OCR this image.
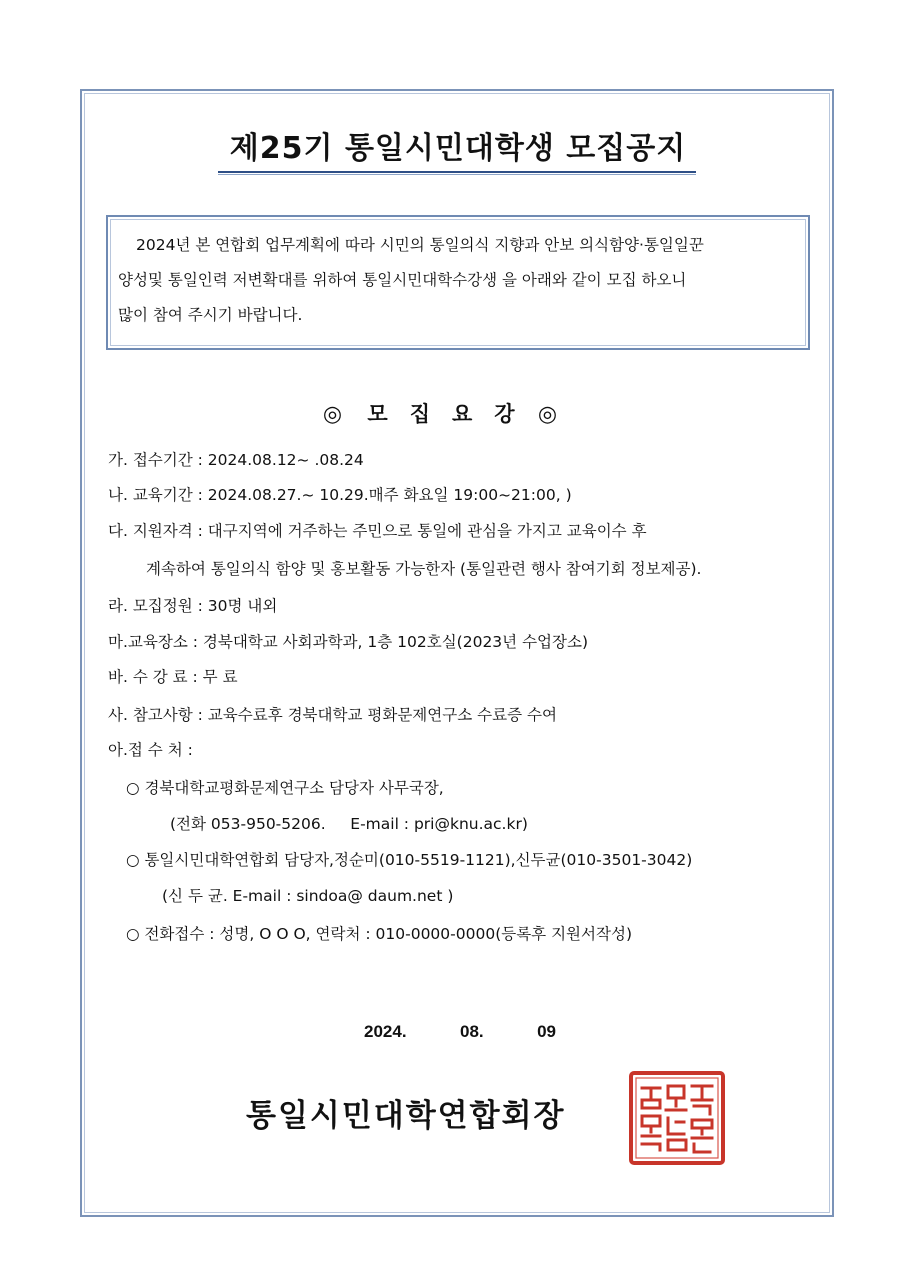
제25기 통일시민대학생 모집공지
2024년 본 연합회 업무계획에 따라 시민의 통일의식 지향과 안보 의식함양·통일일꾼
양성및 통일인력 저변확대를 위하여 통일시민대학수강생 을 아래와 같이 모집 하오니
많이 참여 주시기 바랍니다.
◎ 모집요강 ◎
가. 접수기간 : 2024.08.12~ .08.24
나. 교육기간 : 2024.08.27.~ 10.29.매주 화요일 19:00~21:00, )
다. 지원자격 : 대구지역에 거주하는 주민으로 통일에 관심을 가지고 교육이수 후
계속하여 통일의식 함양 및 홍보활동 가능한자 (통일관련 행사 참여기회 정보제공).
라. 모집정원 : 30명 내외
마.교육장소 : 경북대학교 사회과학과, 1층 102호실(2023년 수업장소)
바. 수 강 료 : 무 료
사. 참고사항 : 교육수료후 경북대학교 평화문제연구소 수료증 수여
아.접 수 처 :
○ 경북대학교평화문제연구소 담당자 사무국장,
(전화 053-950-5206.     E-mail : pri@knu.ac.kr)
○ 통일시민대학연합회 담당자,정순미(010-5519-1121),신두균(010-3501-3042)
(신 두 균. E-mail : sindoa@ daum.net )
○ 전화접수 : 성명, O O O, 연락처 : 010-0000-0000(등록후 지원서작성)
2024.  08.  09
통일시민대학연합회장
